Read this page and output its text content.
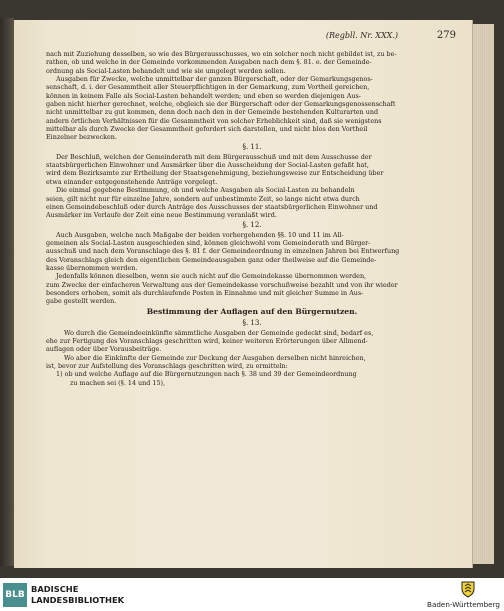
(Regbll. Nr. XXX.)	279
nach mit Zuziehung desselben, so wie des Bürgerausschusses, wo ein solcher noch nicht gebildet ist, zu be-
rathen, ob und welche in der Gemeinde vorkommenden Ausgaben nach dem §. 81. e. der Gemeinde-
ordnung als Social-Lasten behandelt und wie sie umgelegt werden sollen.
Ausgaben für Zwecke, welche unmittelbar der ganzen Bürgerschaft, oder der Gemarkungsgenos-
senschaft, d. i. der Gesammtheit aller Steuerpflichtigen in der Gemarkung, zum Vortheil gereichen,
können in keinem Falle als Social-Lasten behandelt werden; und eben so werden diejenigen Aus-
gaben nicht hierher gerechnet, welche, obgleich sie der Bürgerschaft oder der Gemarkungsgenossenschaft
nicht unmittelbar zu gut kommen, denn doch nach den in der Gemeinde bestehenden Kulturarten und
andern örtlichen Verhältnissen für die Gesammtheit von solcher Erheblichkeit sind, daß sie wenigstens
mittelbar als durch Zwecke der Gesammtheit gefordert sich darstellen, und nicht blos den Vortheil
Einzelner bezwecken.
§. 11.
Der Beschluß, welchen der Gemeinderath mit dem Bürgerausschuß und mit dem Ausschusse der
staatsbürgerlichen Einwohner und Ausmärker über die Ausscheidung der Social-Lasten gefaßt hat,
wird dem Bezirksamte zur Ertheilung der Staatsgenehmigung, beziehungsweise zur Entscheidung über
etwa einander entgegenstehende Anträge vorgelegt.
Die einmal gegebene Bestimmung, ob und welche Ausgaben als Social-Lasten zu behandeln
seien, gilt nicht nur für einzelne Jahre, sondern auf unbestimmte Zeit, so lange nicht etwa durch
einen Gemeindebeschluß oder durch Anträge des Ausschusses der staatsbürgerlichen Einwohner und
Ausmärker im Verlaufe der Zeit eine neue Bestimmung veranlaßt wird.
§. 12.
Auch Ausgaben, welche nach Maßgabe der beiden vorhergehenden §§. 10 und 11 im All-
gemeinen als Social-Lasten ausgeschieden sind, können gleichwohl vom Gemeinderath und Bürger-
ausschuß und nach dem Voranschlage des §. 81 f. der Gemeindeordnung in einzelnen Jahren bei Entwerfung
des Voranschlags gleich den eigentlichen Gemeindeausgaben ganz oder theilweise auf die Gemeinde-
kasse übernommen werden.
Jedenfalls können dieselben, wenn sie auch nicht auf die Gemeindekasse übernommen werden,
zum Zwecke der einfacheren Verwaltung aus der Gemeindekasse vorschußweise bezahlt und von ihr wieder
besonders erhoben, somit als durchlaufende Posten in Einnahme und mit gleicher Summe in Aus-
gabe gestellt werden.
Bestimmung der Auflagen auf den Bürgernutzen.
§. 13.
Wo durch die Gemeindeeinkünfte sämmtliche Ausgaben der Gemeinde gedeckt sind, bedarf es,
ehe zur Fertigung des Voranschlags geschritten wird, keiner weiteren Erörterungen über Allmend-
auflagen oder über Vorausbeiträge.
Wo aber die Einkünfte der Gemeinde zur Deckung der Ausgaben derselben nicht hinreichen,
ist, bevor zur Aufstellung des Voranschlags geschritten wird, zu ermitteln:
1) ob und welche Auflage auf die Bürgernutzungen nach §. 38 und 39 der Gemeindeordnung
zu machen sei (§. 14 und 15),
BLB
BADISCHE
LANDESBIBLIOTHEK	Baden-Württemberg
